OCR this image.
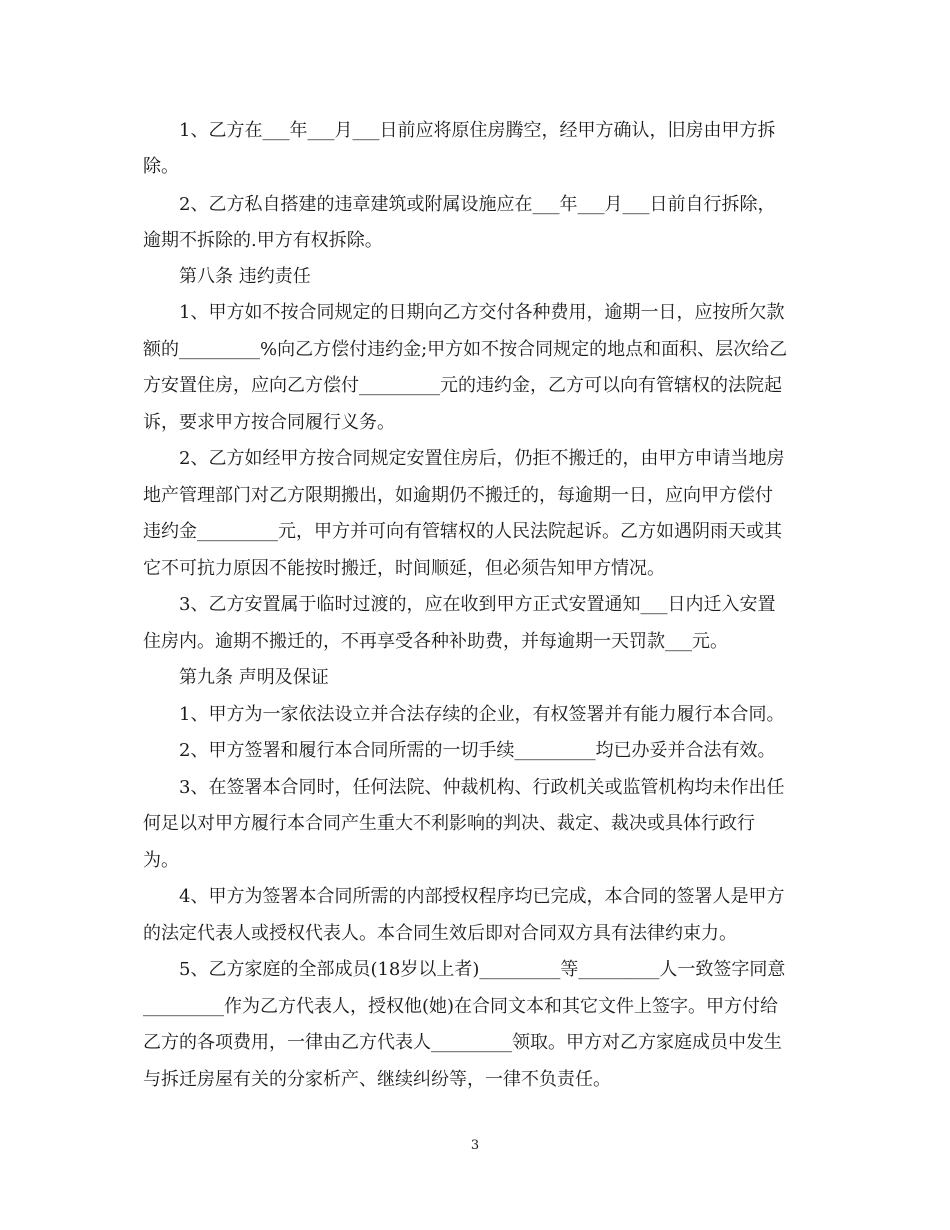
1、乙方在___年___月___日前应将原住房腾空，经甲方确认，旧房由甲方拆
除。
2、乙方私自搭建的违章建筑或附属设施应在___年___月___日前自行拆除，
逾期不拆除的.甲方有权拆除。
第八条 违约责任
1、甲方如不按合同规定的日期向乙方交付各种费用，逾期一日，应按所欠款
额的_________%向乙方偿付违约金;甲方如不按合同规定的地点和面积、层次给乙
方安置住房，应向乙方偿付_________元的违约金，乙方可以向有管辖权的法院起
诉，要求甲方按合同履行义务。
2、乙方如经甲方按合同规定安置住房后，仍拒不搬迁的，由甲方申请当地房
地产管理部门对乙方限期搬出，如逾期仍不搬迁的，每逾期一日，应向甲方偿付
违约金_________元，甲方并可向有管辖权的人民法院起诉。乙方如遇阴雨天或其
它不可抗力原因不能按时搬迁，时间顺延，但必须告知甲方情况。
3、乙方安置属于临时过渡的，应在收到甲方正式安置通知___日内迁入安置
住房内。逾期不搬迁的，不再享受各种补助费，并每逾期一天罚款___元。
第九条 声明及保证
1、甲方为一家依法设立并合法存续的企业，有权签署并有能力履行本合同。
2、甲方签署和履行本合同所需的一切手续_________均已办妥并合法有效。
3、在签署本合同时，任何法院、仲裁机构、行政机关或监管机构均未作出任
何足以对甲方履行本合同产生重大不利影响的判决、裁定、裁决或具体行政行
为。
4、甲方为签署本合同所需的内部授权程序均已完成，本合同的签署人是甲方
的法定代表人或授权代表人。本合同生效后即对合同双方具有法律约束力。
5、乙方家庭的全部成员(18岁以上者)_________等_________人一致签字同意
_________作为乙方代表人，授权他(她)在合同文本和其它文件上签字。甲方付给
乙方的各项费用，一律由乙方代表人_________领取。甲方对乙方家庭成员中发生
与拆迁房屋有关的分家析产、继续纠纷等，一律不负责任。
3
